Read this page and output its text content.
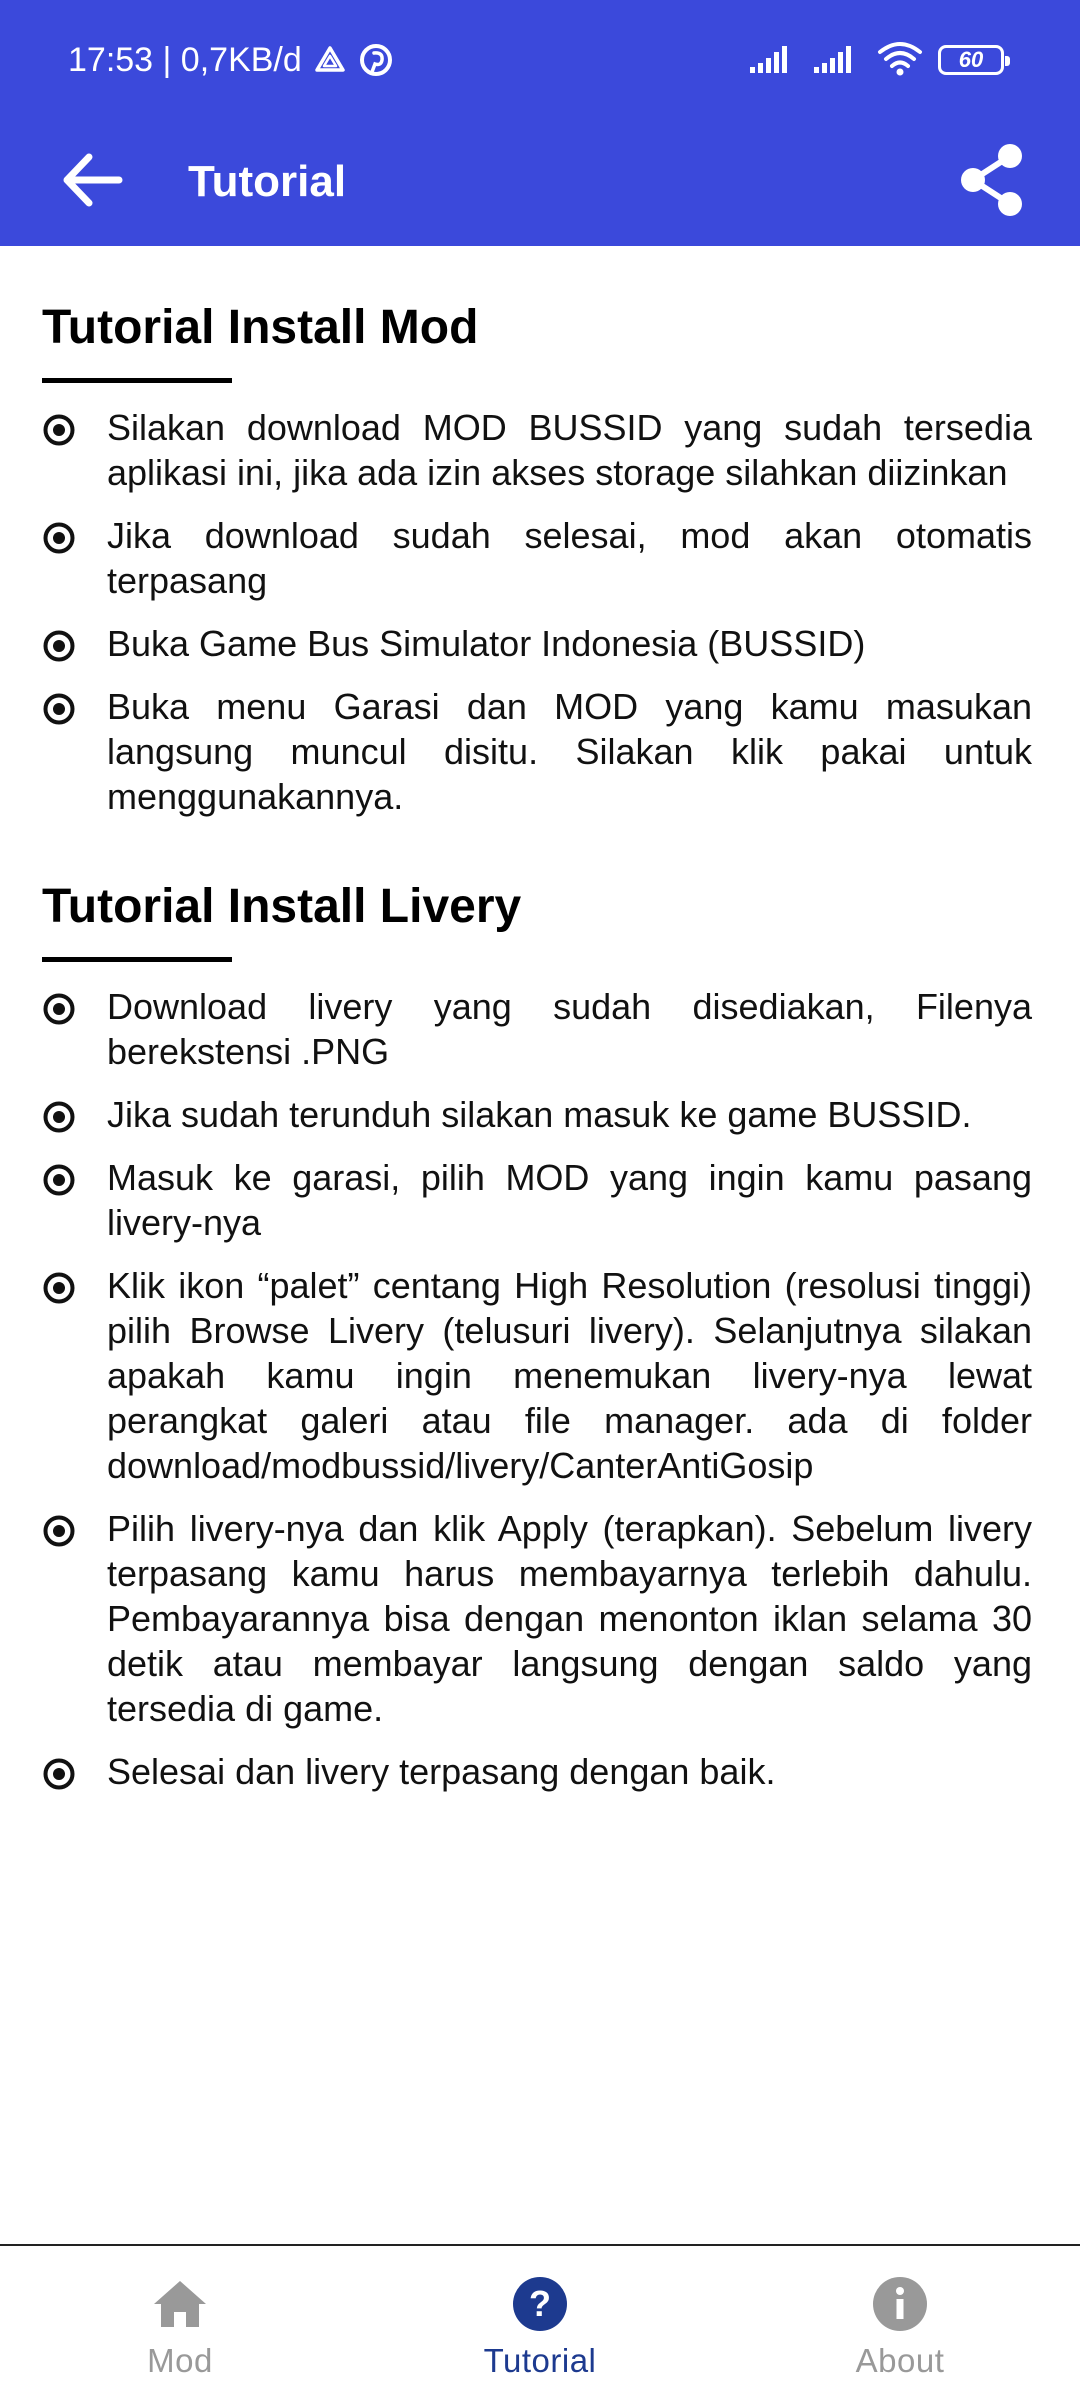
17:53 | 0,7KB/d	60
Tutorial
Tutorial Install Mod
Silakan download MOD BUSSID yang sudah tersedia aplikasi ini, jika ada izin akses storage silahkan diizinkan
Jika download sudah selesai, mod akan otomatis terpasang
Buka Game Bus Simulator Indonesia (BUSSID)
Buka menu Garasi dan MOD yang kamu masukan langsung muncul disitu. Silakan klik pakai untuk menggunakannya.
Tutorial Install Livery
Download livery yang sudah disediakan, Filenya berekstensi .PNG
Jika sudah terunduh silakan masuk ke game BUSSID.
Masuk ke garasi, pilih MOD yang ingin kamu pasang livery-nya
Klik ikon “palet” centang High Resolution (resolusi tinggi) pilih Browse Livery (telusuri livery). Selanjutnya silakan apakah kamu ingin menemukan livery-nya lewat perangkat galeri atau file manager. ada di folder download/modbussid/livery/CanterAntiGosip
Pilih livery-nya dan klik Apply (terapkan). Sebelum livery terpasang kamu harus membayarnya terlebih dahulu. Pembayarannya bisa dengan menonton iklan selama 30 detik atau membayar langsung dengan saldo yang tersedia di game.
Selesai dan livery terpasang dengan baik.
Mod
?
Tutorial	About
